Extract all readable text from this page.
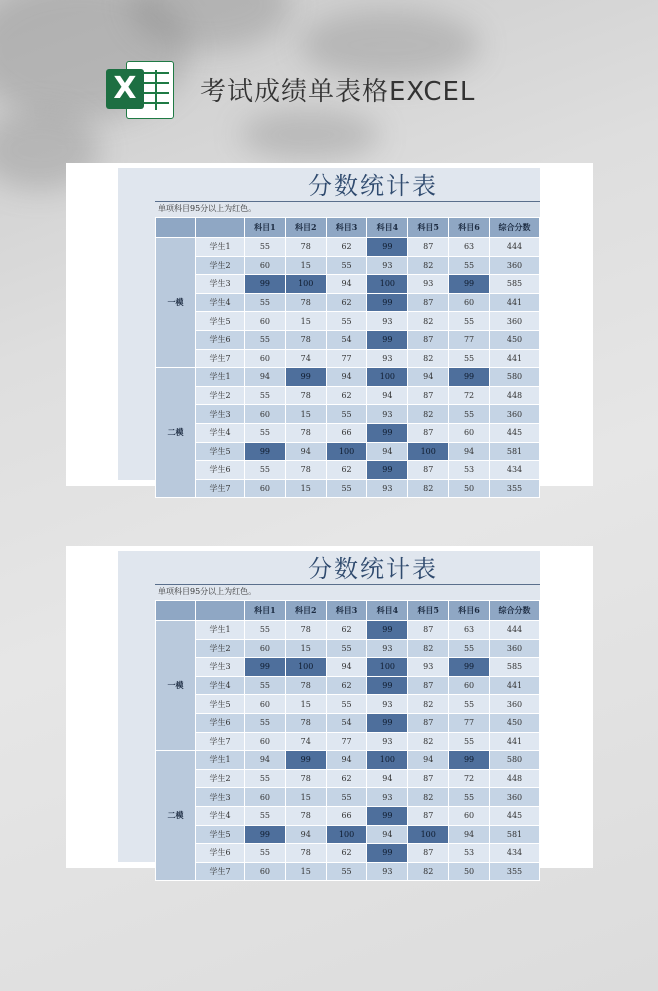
X 考试成绩单表格EXCEL
分数统计表
单项科目95分以上为红色。
		科目1	科目2	科目3	科目4	科目5	科目6	综合分数
一模	学生1	55	78	62	99	87	63	444
	学生2	60	15	55	93	82	55	360
	学生3	99	100	94	100	93	99	585
	学生4	55	78	62	99	87	60	441
	学生5	60	15	55	93	82	55	360
	学生6	55	78	54	99	87	77	450
	学生7	60	74	77	93	82	55	441
二模	学生1	94	99	94	100	94	99	580
	学生2	55	78	62	94	87	72	448
	学生3	60	15	55	93	82	55	360
	学生4	55	78	66	99	87	60	445
	学生5	99	94	100	94	100	94	581
	学生6	55	78	62	99	87	53	434
	学生7	60	15	55	93	82	50	355
分数统计表
单项科目95分以上为红色。
		科目1	科目2	科目3	科目4	科目5	科目6	综合分数
一模	学生1	55	78	62	99	87	63	444
	学生2	60	15	55	93	82	55	360
	学生3	99	100	94	100	93	99	585
	学生4	55	78	62	99	87	60	441
	学生5	60	15	55	93	82	55	360
	学生6	55	78	54	99	87	77	450
	学生7	60	74	77	93	82	55	441
二模	学生1	94	99	94	100	94	99	580
	学生2	55	78	62	94	87	72	448
	学生3	60	15	55	93	82	55	360
	学生4	55	78	66	99	87	60	445
	学生5	99	94	100	94	100	94	581
	学生6	55	78	62	99	87	53	434
	学生7	60	15	55	93	82	50	355
